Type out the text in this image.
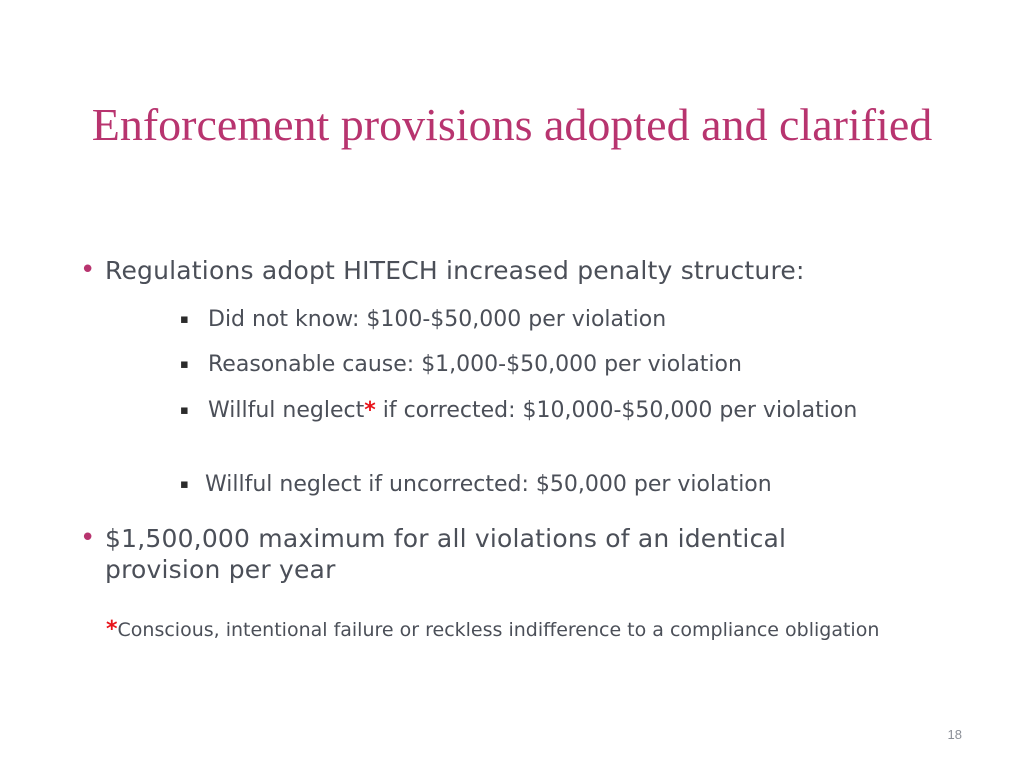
Enforcement provisions adopted and clarified
• Regulations adopt HITECH increased penalty structure:
▪ Did not know: $100-$50,000 per violation
▪ Reasonable cause: $1,000-$50,000 per violation
▪ Willful neglect* if corrected: $10,000-$50,000 per violation
▪ Willful neglect if uncorrected: $50,000 per violation
• $1,500,000 maximum for all violations of an identical provision per year
*Conscious, intentional failure or reckless indifference to a compliance obligation
18
